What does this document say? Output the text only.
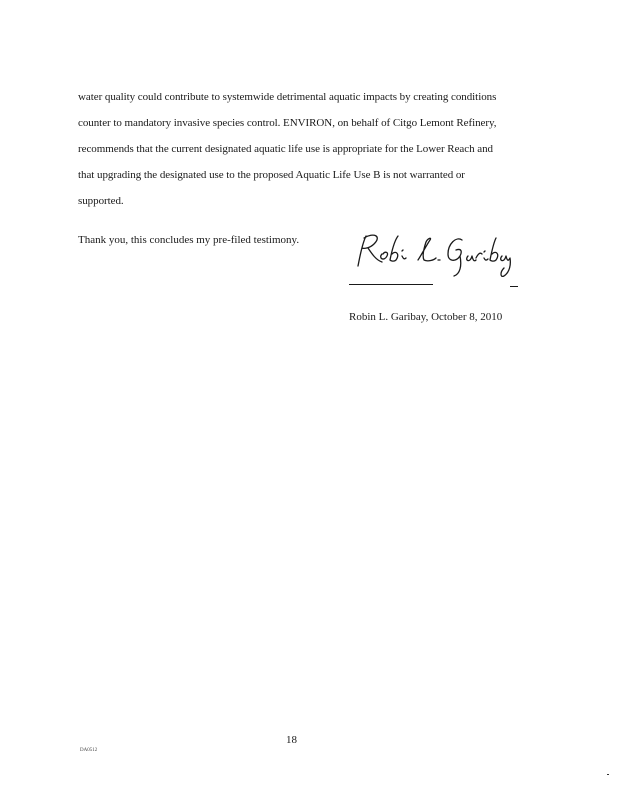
water quality could contribute to systemwide detrimental aquatic impacts by creating conditions
counter to mandatory invasive species control. ENVIRON, on behalf of Citgo Lemont Refinery,
recommends that the current designated aquatic life use is appropriate for the Lower Reach and
that upgrading the designated use to the proposed Aquatic Life Use B is not warranted or
supported.
Thank you, this concludes my pre-filed testimony.
Robin L. Garibay, October 8, 2010
18
DA0512
